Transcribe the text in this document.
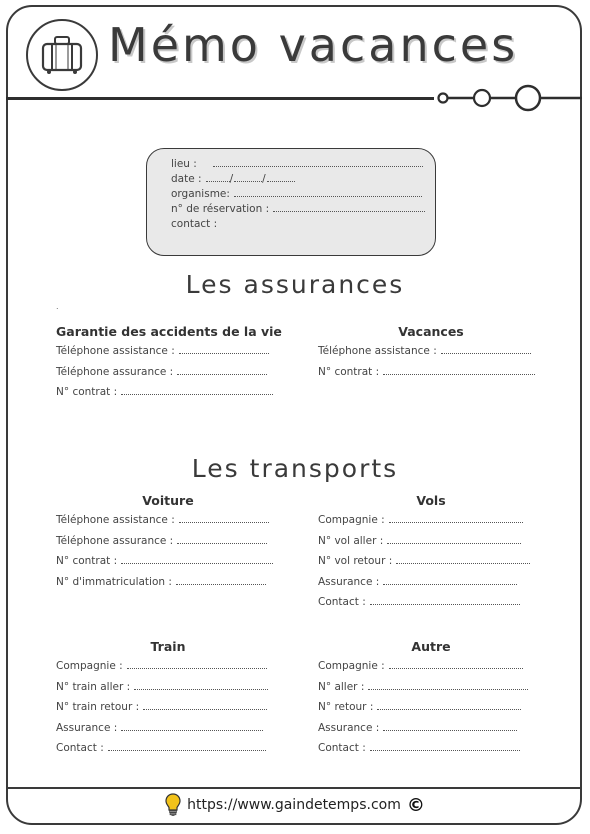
Mémo vacances
lieu :
date :	/	/
organisme:
n° de réservation :
contact :
Les assurances
.
Garantie des accidents de la vie
Téléphone assistance :
Téléphone assurance :
N° contrat :
Vacances
Téléphone assistance :
N° contrat :
Les transports
Voiture
Téléphone assistance :
Téléphone assurance :
N° contrat :
N° d'immatriculation :
Vols
Compagnie :
N° vol aller :
N° vol retour :
Assurance :
Contact :
Train
Compagnie :
N° train aller :
N° train retour :
Assurance :
Contact :
Autre
Compagnie :
N° aller :
N° retour :
Assurance :
Contact :
https://www.gaindetemps.com ©
